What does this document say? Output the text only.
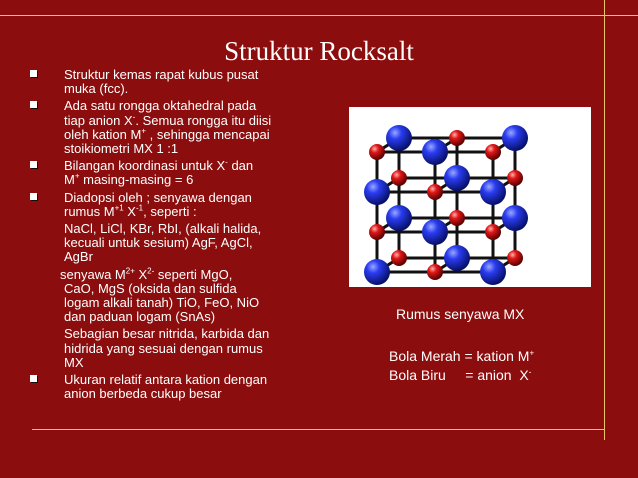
Struktur Rocksalt
Struktur kemas rapat kubus pusat
muka (fcc).
Ada satu rongga oktahedral pada
tiap anion X-. Semua rongga itu diisi
oleh kation M+ , sehingga mencapai
stoikiometri MX 1 :1
Bilangan koordinasi untuk X- dan
M+ masing-masing = 6
Diadopsi oleh ; senyawa dengan
rumus $M^{+1}$ $X^{-1}$, seperti :
NaCl, LiCl, KBr, RbI, (alkali halida,
kecuali untuk sesium) AgF, AgCl,
AgBr
senyawa $M^{2+}$ $X^{2-}$ seperti MgO,
CaO, MgS (oksida dan sulfida
logam alkali tanah) TiO, FeO, NiO
dan paduan logam (SnAs)
Sebagian besar nitrida, karbida dan
hidrida yang sesuai dengan rumus
MX
Ukuran relatif antara kation dengan
anion berbeda cukup besar
Rumus senyawa MX
Bola Merah = kation M+
Bola Biru     = anion  X-
